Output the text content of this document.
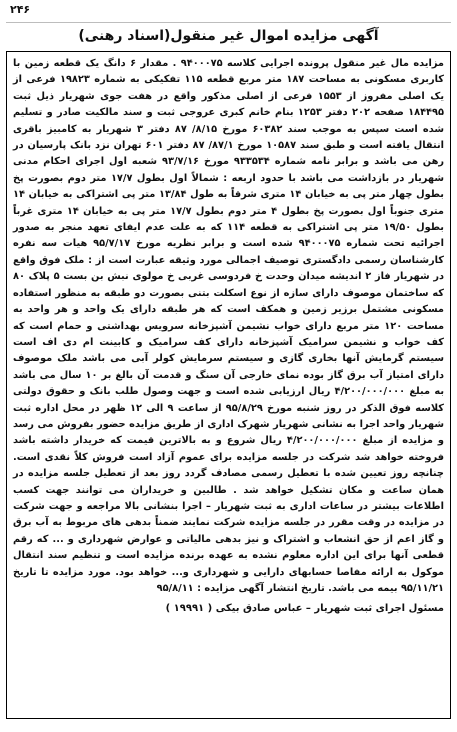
۲۴۶
آگهی مزایده اموال غیر منقول(اسناد رهنی)

مزایده مال غیر منقول پرونده اجرایی کلاسه ۹۴۰۰۰۷۵ . مقدار ۶ دانگ یک قطعه زمین با کاربری مسکونی به مساحت ۱۸۷ متر مربع قطعه ۱۱۵ تفکیکی به شماره ۱۹۸۲۳ فرعی از یک اصلی مفروز از ۱۵۵۳ فرعی از اصلی مذکور واقع در هفت جوی شهریار ذیل ثبت ۱۸۴۴۹۵ صفحه ۲۰۲ دفتر ۱۲۵۳ بنام خانم کبری عروجی ثبت و سند مالکیت صادر و تسلیم شده است سپس به موجب سند ۶۰۳۸۲ مورخ ۸/۱۵/ ۸۷ دفتر ۳ شهریار به کامبیز باقری انتقال یافته است و طبق سند ۱۰۵۸۷ مورخ ۸۷/۱/ ۸۷ دفتر ۶۰۱ تهران نزد بانک پارسیان در رهن می باشد و برابر نامه شماره ۹۳۳۵۳۴ مورخ ۹۳/۷/۱۶ شعبه اول اجرای احکام مدنی شهریار در بازداشت می باشد با حدود اربعه : شمالاً اول بطول ۱۷/۷ متر دوم بصورت پخ بطول چهار متر پی به خیابان ۱۴ متری شرقاً به طول ۱۳/۸۴ متر پی اشتراکی به خیابان ۱۴ متری جنوباً اول بصورت پخ بطول ۴ متر دوم بطول ۱۷/۷ متر پی به خیابان ۱۴ متری غرباً بطول ۱۹/۵۰ متر پی اشتراکی به قطعه ۱۱۴ که به علت عدم ایفای تعهد منجر به صدور اجرائیه تحت شماره ۹۴۰۰۰۷۵ شده است و برابر نظریه مورخ ۹۵/۷/۱۷ هیات سه نفره کارشناسان رسمی دادگستری توصیف اجمالی مورد وثیقه عبارت است از : ملک فوق واقع در شهریار فاز ۲ اندیشه میدان وحدت خ فردوسی غربی خ مولوی نبش بن بست ۵ پلاک ۸۰ که ساختمان موصوف دارای سازه از نوع اسکلت بتنی بصورت دو طبقه به منظور استفاده مسکونی مشتمل برزیر زمین و همکف است که هر طبقه دارای یک واحد و هر واحد به مساحت ۱۲۰ متر مربع دارای خواب نشیمن آشپزخانه سرویس بهداشتی و حمام است که کف خواب و نشیمن سرامیک آشپزخانه دارای کف سرامیک و کابینت ام دی اف است سیستم گرمایش آنها بخاری گازی و سیستم سرمایش کولر آبی می باشد ملک موصوف دارای امتیاز آب برق گاز بوده نمای خارجی آن سنگ و قدمت آن بالغ بر ۱۰ سال می باشد به مبلغ ۴/۲۰۰/۰۰۰/۰۰۰ ریال ارزیابی شده است و جهت وصول طلب بانک و حقوق دولتی کلاسه فوق الذکر در روز شنبه مورخ ۹۵/۸/۲۹ از ساعت ۹ الی ۱۲ ظهر در محل اداره ثبت شهریار واحد اجرا به نشانی شهریار شهرک اداری از طریق مزایده حضور بفروش می رسد و مزایده از مبلغ ۴/۲۰۰/۰۰۰/۰۰۰ ریال شروع و به بالاترین قیمت که خریدار داشته باشد فروخته خواهد شد شرکت در جلسه مزایده برای عموم آزاد است فروش کلاً نقدی است. چنانچه روز تعیین شده با تعطیل رسمی مصادف گردد روز بعد از تعطیل جلسه مزایده در همان ساعت و مکان تشکیل خواهد شد . طالبین و خریداران می توانند جهت کسب اطلاعات بیشتر در ساعات اداری به ثبت شهریار – اجرا بنشانی بالا مراجعه و جهت شرکت در مزایده در وقت مقرر در جلسه مزایده شرکت نمایند ضمناً بدهی های مربوط به آب برق و گاز اعم از حق انشعاب و اشتراک و نیز بدهی مالیاتی و عوارض شهرداری و ... که رقم قطعی آنها برای این اداره معلوم نشده به عهده برنده مزایده است و تنظیم سند انتقال موکول به ارائه مفاصا حسابهای دارایی و شهرداری و... خواهد بود. مورد مزایده تا تاریخ ۹۵/۱۱/۲۱ بیمه می باشد. تاریخ انتشار آگهی مزایده : ۹۵/۸/۱۱

مسئول اجرای ثبت شهریار – عباس صادق بیکی ( ۱۹۹۹۱ )
